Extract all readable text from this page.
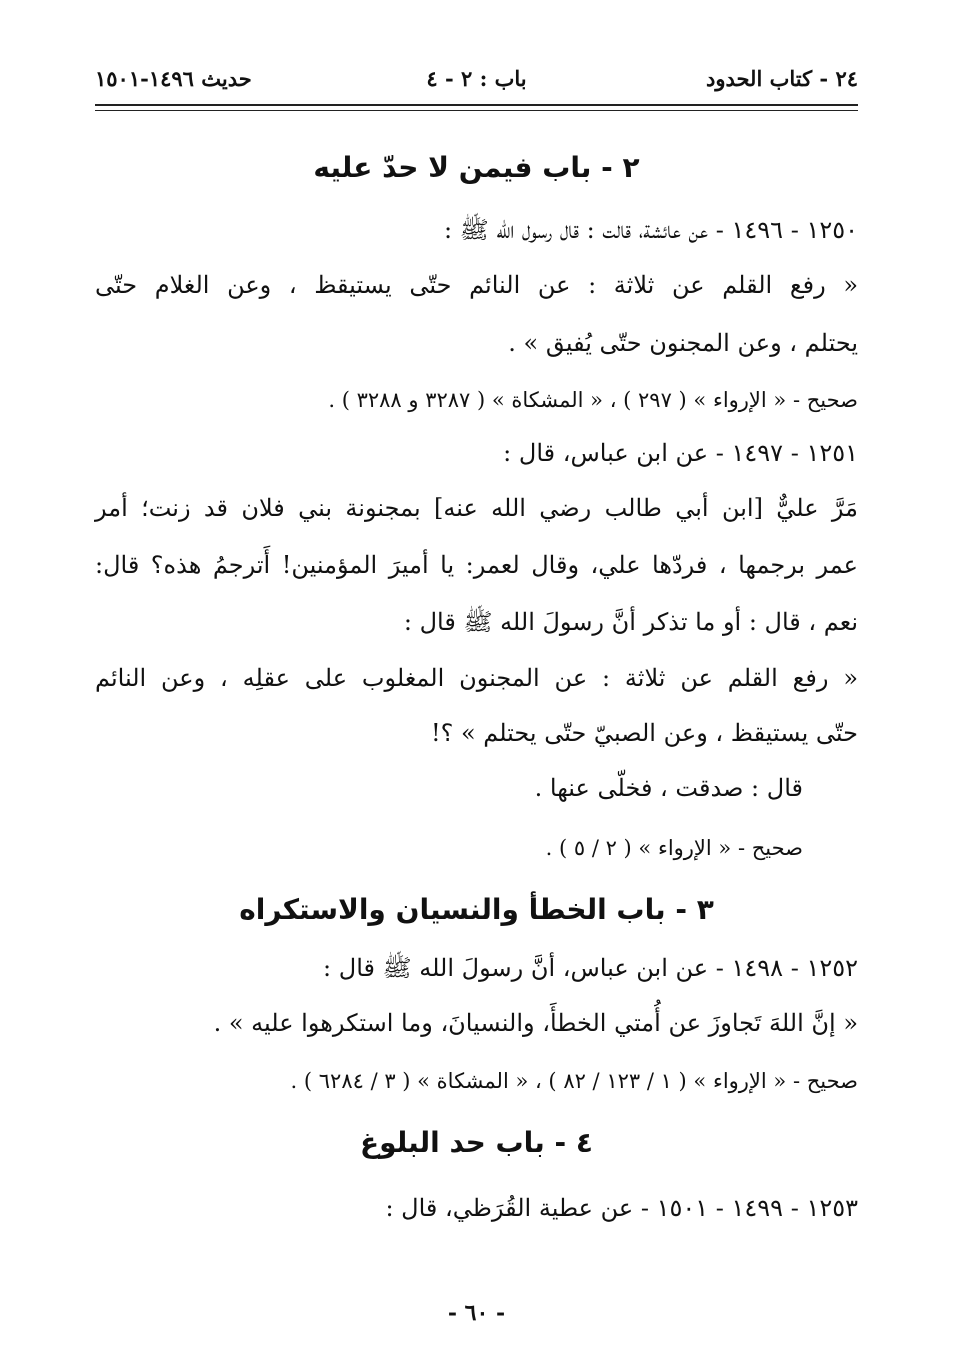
٢٤ - كتاب الحدود
باب : ٢ - ٤
حديث ١٤٩٦-١٥٠١
٢ - باب فيمن لا حدّ عليه
١٢٥٠ - ١٤٩٦ - عن عائشة، قالت : قال رسول الله ﷺ :
« رفع القلم عن ثلاثة : عن النائم حتّى يستيقظ ، وعن الغلام حتّى
يحتلم ، وعن المجنون حتّى يُفيق » .
صحيح - « الإرواء » ( ٢٩٧ ) ، « المشكاة » ( ٣٢٨٧ و ٣٢٨٨ ) .
١٢٥١ - ١٤٩٧ - عن ابن عباس، قال :
مَرَّ عليٌّ [ابن أبي طالب رضي الله عنه] بمجنونة بني فلان قد زنت؛ أمر
عمر برجمها ، فردّها علي، وقال لعمر: يا أميرَ المؤمنين! أَترجمُ هذه؟ قال:
نعم ، قال : أو ما تذكر أنَّ رسولَ الله ﷺ قال :
« رفع القلم عن ثلاثة : عن المجنون المغلوب على عقلِه ، وعن النائم
حتّى يستيقظ ، وعن الصبيّ حتّى يحتلم » ؟!
قال : صدقت ، فخلّى عنها .
صحيح - « الإرواء » ( ٢ / ٥ ) .
٣ - باب الخطأ والنسيان والاستكراه
١٢٥٢ - ١٤٩٨ - عن ابن عباس، أنَّ رسولَ الله ﷺ قال :
« إنَّ اللهَ تَجاوزَ عن أُمتي الخطأَ، والنسيانَ، وما استكرهوا عليه » .
صحيح - « الإرواء » ( ١ / ١٢٣ / ٨٢ ) ، « المشكاة » ( ٣ / ٦٢٨٤ ) .
٤ - باب حد البلوغ
١٢٥٣ - ١٤٩٩ - ١٥٠١ - عن عطية القُرَظي، قال :
- ٦٠ -
